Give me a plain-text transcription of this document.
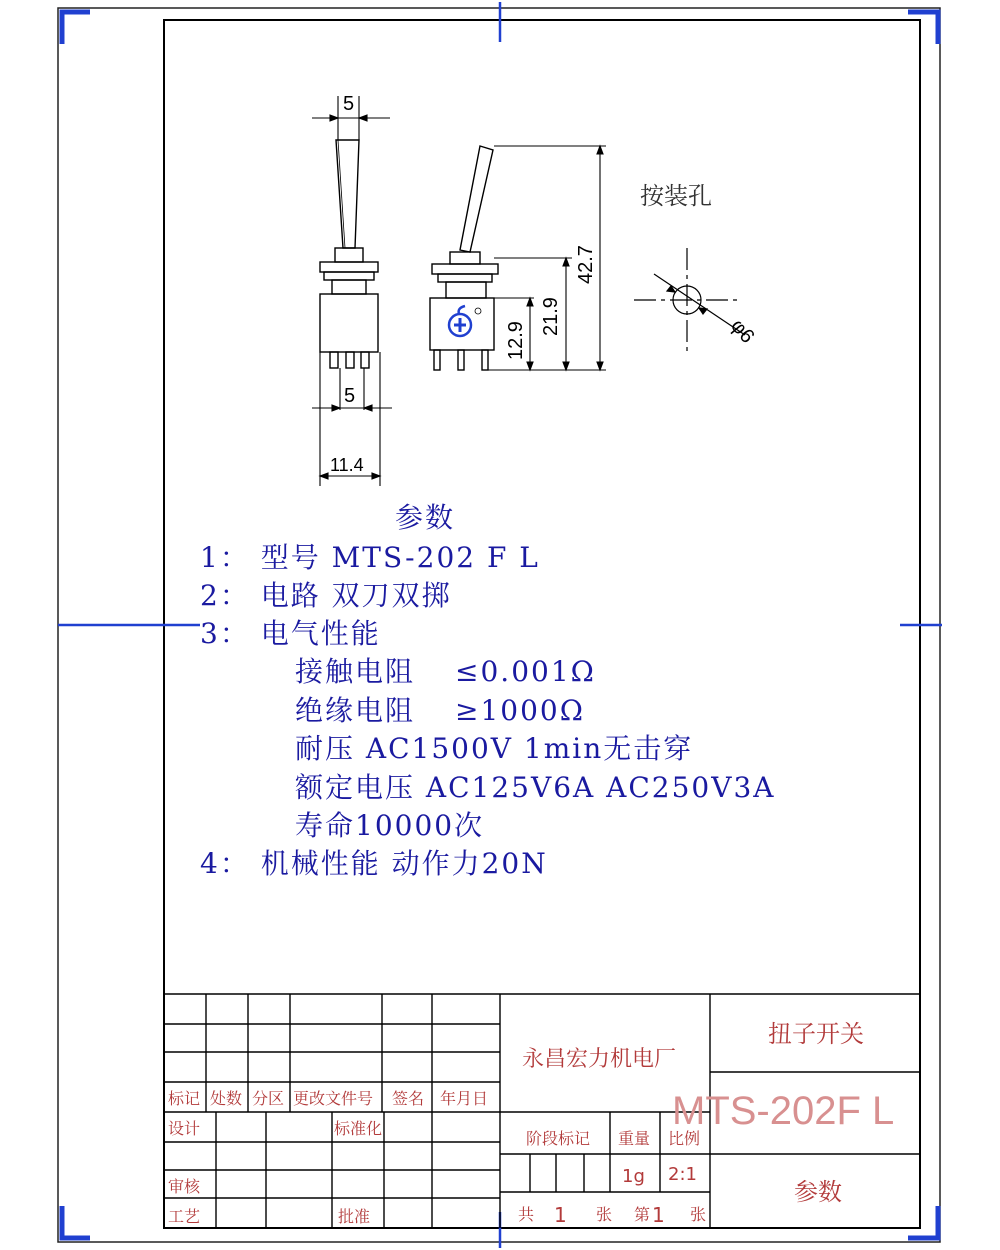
5
5
11.4
42.7
21.9
12.9	φ6
按装孔
标记 处数 分区 更改文件号 签名 年月日
设计	标准化
审核
工艺	批准
永昌宏力机电厂
扭子开关
MTS-202F L
阶段标记 重量 比例
1g 2:1
参数
共 1 张 第 1 张
参数
1： 型号 MTS-202 F L
2： 电路 双刀双掷
3： 电气性能
接触电阻 ≤0.001Ω
绝缘电阻 ≥1000Ω
耐压 AC1500V 1min无击穿
额定电压 AC125V6A AC250V3A
寿命10000次
4： 机械性能 动作力20N
